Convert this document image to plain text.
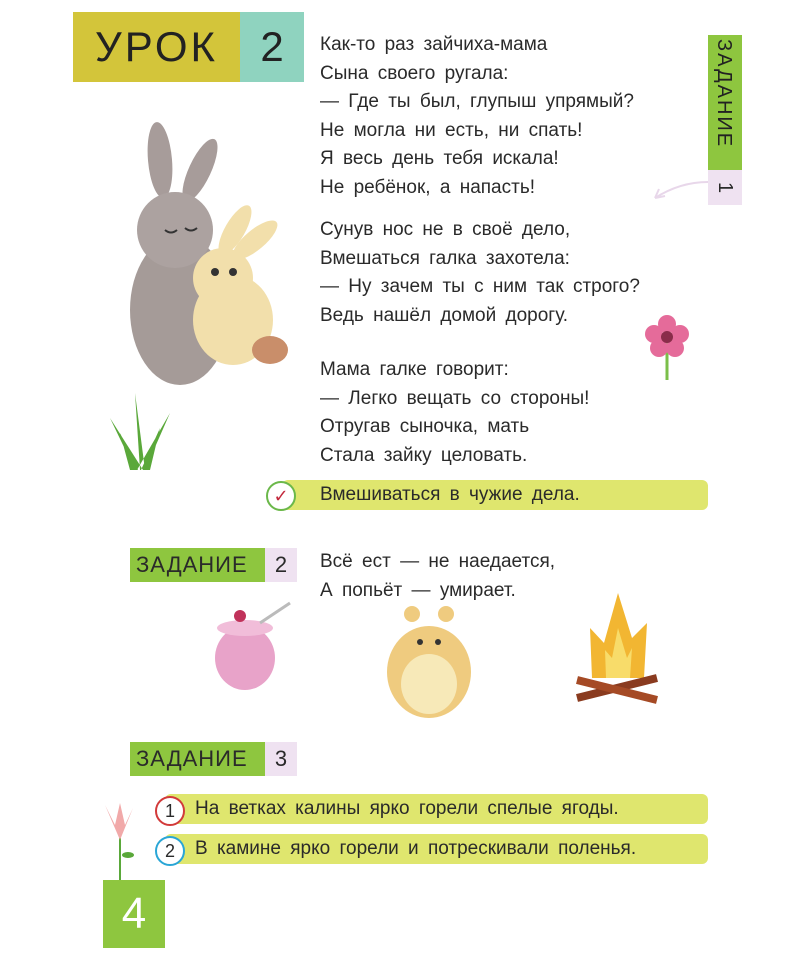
УРОК	2	Как-то раз зайчиха-мама
Сына своего ругала:
— Где ты был, глупыш упрямый?
Не могла ни есть, ни спать!
Я весь день тебя искала!
Не ребёнок, а напасть!
Сунув нос не в своё дело,
Вмешаться галка захотела:
— Ну зачем ты с ним так строго?
Ведь нашёл домой дорогу.
Мама галке говорит:
— Легко вещать со стороны!
Отругав сыночка, мать
Стала зайку целовать.
ЗАДАНИЕ
1
Вмешиваться в чужие дела.
✓
ЗАДАНИЕ	2	Всё ест — не наедается,
А попьёт — умирает.
ЗАДАНИЕ	3
На ветках калины ярко горели спелые ягоды.
1
В камине ярко горели и потрескивали поленья.
2
4
